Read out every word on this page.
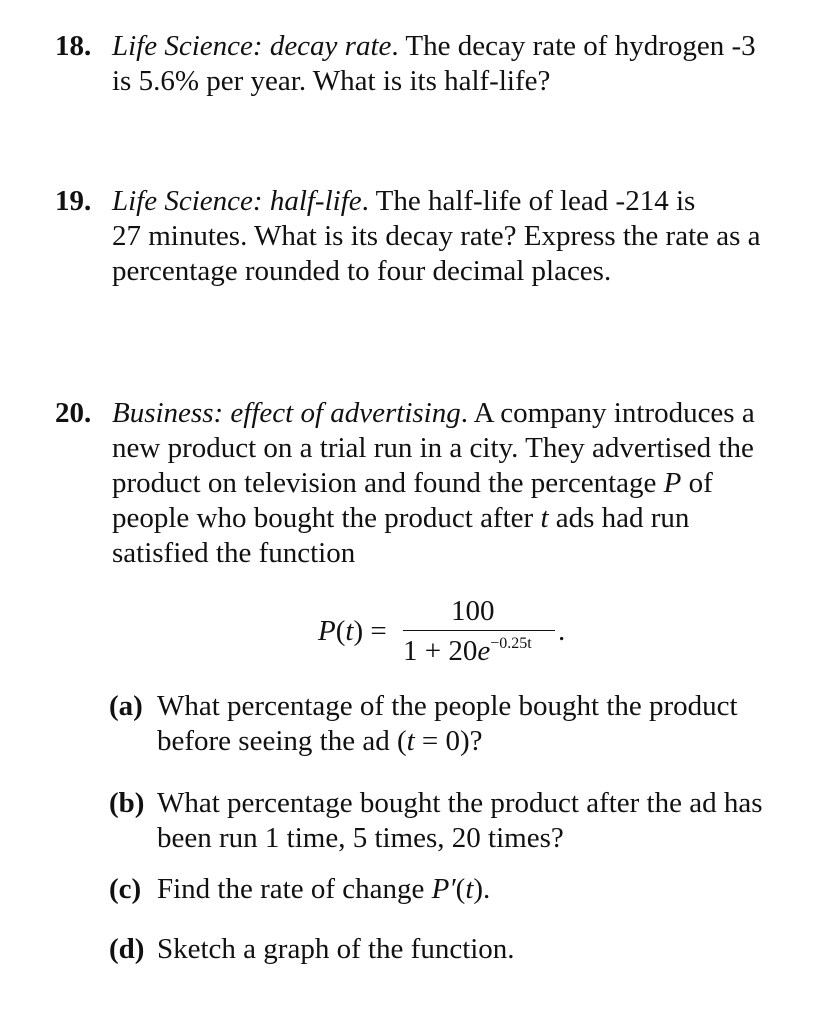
18. Life Science: decay rate. The decay rate of hydrogen -3
is 5.6% per year. What is its half-life?
19. Life Science: half-life. The half-life of lead -214 is
27 minutes. What is its decay rate? Express the rate as a
percentage rounded to four decimal places.
20. Business: effect of advertising. A company introduces a
new product on a trial run in a city. They advertised the
product on television and found the percentage P of
people who bought the product after t ads had run
satisfied the function
P(t) =
100
$1 + 20e^{-0.25t}$ .
(a) What percentage of the people bought the product
before seeing the ad (t = 0)?
(b) What percentage bought the product after the ad has
been run 1 time, 5 times, 20 times?
(c) Find the rate of change P′(t).
(d) Sketch a graph of the function.
